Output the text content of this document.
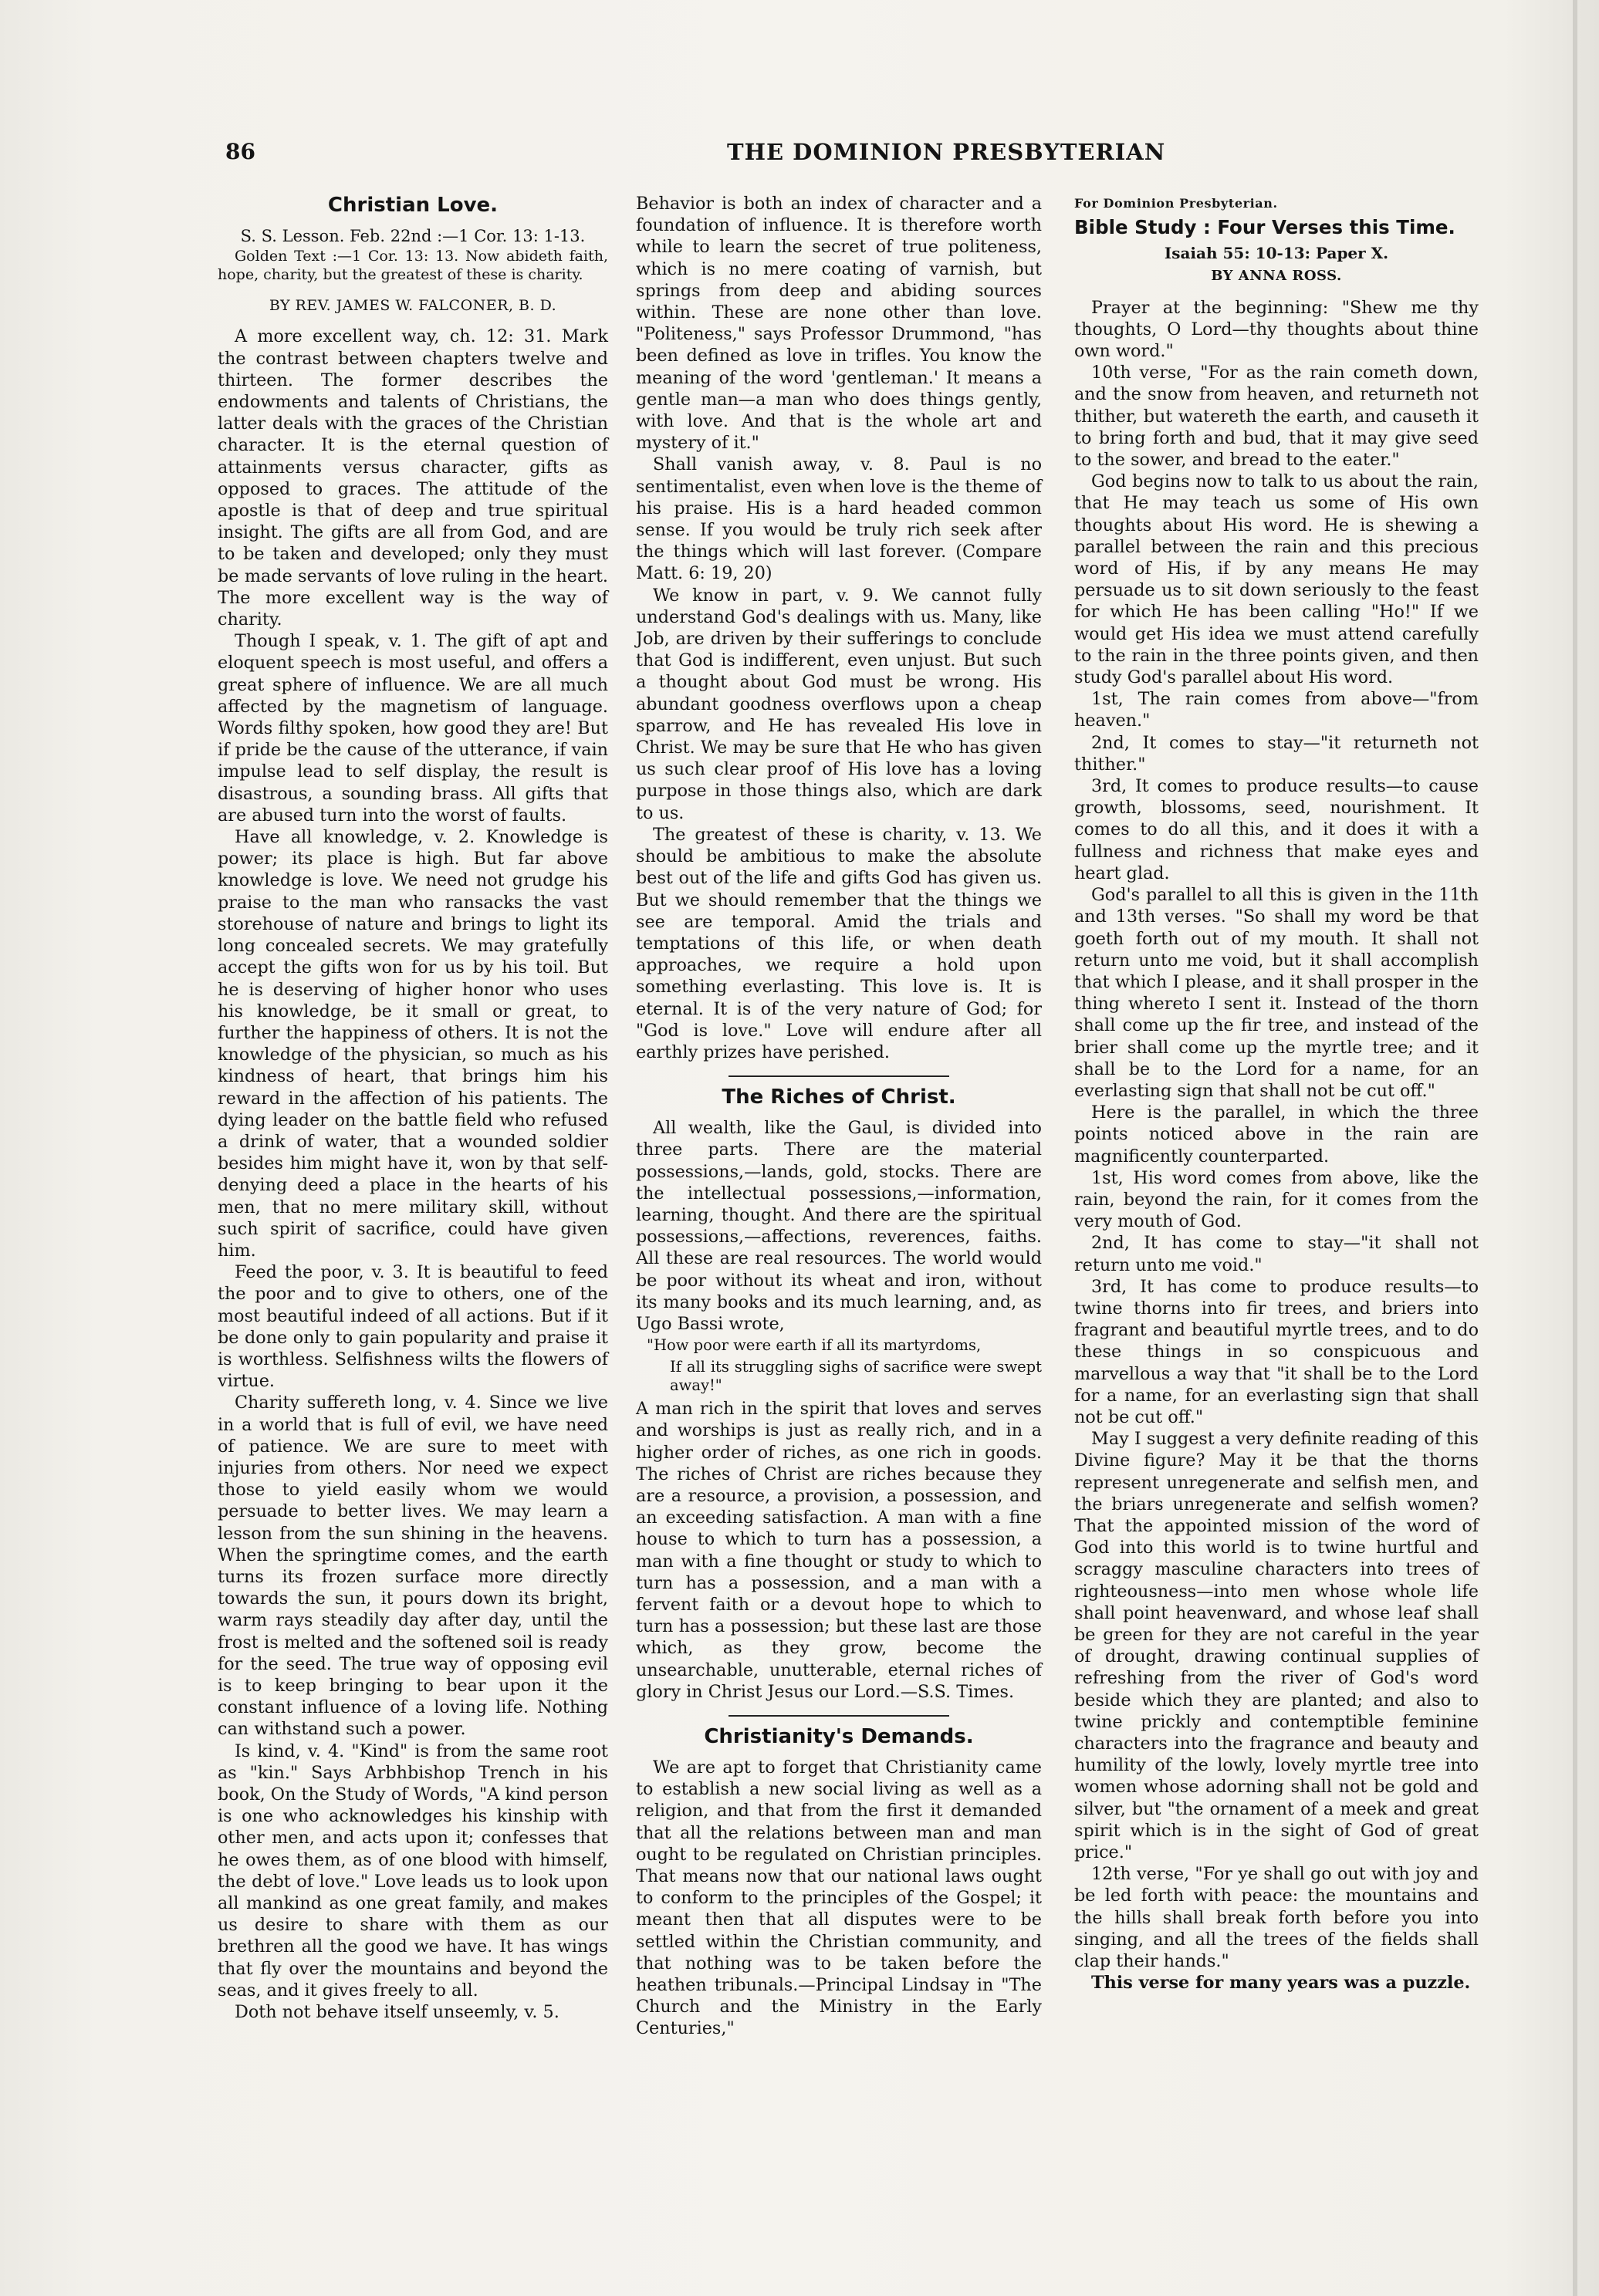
86	THE DOMINION PRESBYTERIAN
Christian Love.

S. S. Lesson. Feb. 22nd :—1 Cor. 13: 1-13.

Golden Text :—1 Cor. 13: 13. Now abideth faith, hope, charity, but the greatest of these is charity.

BY REV. JAMES W. FALCONER, B. D.

A more excellent way, ch. 12: 31. Mark the contrast between chapters twelve and thirteen. The former describes the endowments and talents of Christians, the latter deals with the graces of the Christian character. It is the eternal question of attainments versus character, gifts as opposed to graces. The attitude of the apostle is that of deep and true spiritual insight. The gifts are all from God, and are to be taken and developed; only they must be made servants of love ruling in the heart. The more excellent way is the way of charity.

Though I speak, v. 1. The gift of apt and eloquent speech is most useful, and offers a great sphere of influence. We are all much affected by the magnetism of language. Words filthy spoken, how good they are! But if pride be the cause of the utterance, if vain impulse lead to self display, the result is disastrous, a sounding brass. All gifts that are abused turn into the worst of faults.

Have all knowledge, v. 2. Knowledge is power; its place is high. But far above knowledge is love. We need not grudge his praise to the man who ransacks the vast storehouse of nature and brings to light its long concealed secrets. We may gratefully accept the gifts won for us by his toil. But he is deserving of higher honor who uses his knowledge, be it small or great, to further the happiness of others. It is not the knowledge of the physician, so much as his kindness of heart, that brings him his reward in the affection of his patients. The dying leader on the battle field who refused a drink of water, that a wounded soldier besides him might have it, won by that self-denying deed a place in the hearts of his men, that no mere military skill, without such spirit of sacrifice, could have given him.

Feed the poor, v. 3. It is beautiful to feed the poor and to give to others, one of the most beautiful indeed of all actions. But if it be done only to gain popularity and praise it is worthless. Selfishness wilts the flowers of virtue.

Charity suffereth long, v. 4. Since we live in a world that is full of evil, we have need of patience. We are sure to meet with injuries from others. Nor need we expect those to yield easily whom we would persuade to better lives. We may learn a lesson from the sun shining in the heavens. When the springtime comes, and the earth turns its frozen surface more directly towards the sun, it pours down its bright, warm rays steadily day after day, until the frost is melted and the softened soil is ready for the seed. The true way of opposing evil is to keep bringing to bear upon it the constant influence of a loving life. Nothing can withstand such a power.

Is kind, v. 4. "Kind" is from the same root as "kin." Says Arbhbishop Trench in his book, On the Study of Words, "A kind person is one who acknowledges his kinship with other men, and acts upon it; confesses that he owes them, as of one blood with himself, the debt of love." Love leads us to look upon all mankind as one great family, and makes us desire to share with them as our brethren all the good we have. It has wings that fly over the mountains and beyond the seas, and it gives freely to all.

Doth not behave itself unseemly, v. 5.

Behavior is both an index of character and a foundation of influence. It is therefore worth while to learn the secret of true politeness, which is no mere coating of varnish, but springs from deep and abiding sources within. These are none other than love. "Politeness," says Professor Drummond, "has been defined as love in trifles. You know the meaning of the word 'gentleman.' It means a gentle man—a man who does things gently, with love. And that is the whole art and mystery of it."

Shall vanish away, v. 8. Paul is no sentimentalist, even when love is the theme of his praise. His is a hard headed common sense. If you would be truly rich seek after the things which will last forever. (Compare Matt. 6: 19, 20)

We know in part, v. 9. We cannot fully understand God's dealings with us. Many, like Job, are driven by their sufferings to conclude that God is indifferent, even unjust. But such a thought about God must be wrong. His abundant goodness overflows upon a cheap sparrow, and He has revealed His love in Christ. We may be sure that He who has given us such clear proof of His love has a loving purpose in those things also, which are dark to us.

The greatest of these is charity, v. 13. We should be ambitious to make the absolute best out of the life and gifts God has given us. But we should remember that the things we see are temporal. Amid the trials and temptations of this life, or when death approaches, we require a hold upon something everlasting. This love is. It is eternal. It is of the very nature of God; for "God is love." Love will endure after all earthly prizes have perished.

The Riches of Christ.

All wealth, like the Gaul, is divided into three parts. There are the material possessions,—lands, gold, stocks. There are the intellectual possessions,—information, learning, thought. And there are the spiritual possessions,—affections, reverences, faiths. All these are real resources. The world would be poor without its wheat and iron, without its many books and its much learning, and, as Ugo Bassi wrote,

"How poor were earth if all its martyrdoms,

If all its struggling sighs of sacrifice were swept away!"

A man rich in the spirit that loves and serves and worships is just as really rich, and in a higher order of riches, as one rich in goods. The riches of Christ are riches because they are a resource, a provision, a possession, and an exceeding satisfaction. A man with a fine house to which to turn has a possession, a man with a fine thought or study to which to turn has a possession, and a man with a fervent faith or a devout hope to which to turn has a possession; but these last are those which, as they grow, become the unsearchable, unutterable, eternal riches of glory in Christ Jesus our Lord.—S.S. Times.

Christianity's Demands.

We are apt to forget that Christianity came to establish a new social living as well as a religion, and that from the first it demanded that all the relations between man and man ought to be regulated on Christian principles. That means now that our national laws ought to conform to the principles of the Gospel; it meant then that all disputes were to be settled within the Christian community, and that nothing was to be taken before the heathen tribunals.—Principal Lindsay in "The Church and the Ministry in the Early Centuries,"

For Dominion Presbyterian.

Bible Study : Four Verses this Time.

Isaiah 55: 10-13: Paper X.

BY ANNA ROSS.

Prayer at the beginning: "Shew me thy thoughts, O Lord—thy thoughts about thine own word."

10th verse, "For as the rain cometh down, and the snow from heaven, and returneth not thither, but watereth the earth, and causeth it to bring forth and bud, that it may give seed to the sower, and bread to the eater."

God begins now to talk to us about the rain, that He may teach us some of His own thoughts about His word. He is shewing a parallel between the rain and this precious word of His, if by any means He may persuade us to sit down seriously to the feast for which He has been calling "Ho!" If we would get His idea we must attend carefully to the rain in the three points given, and then study God's parallel about His word.

1st, The rain comes from above—"from heaven."

2nd, It comes to stay—"it returneth not thither."

3rd, It comes to produce results—to cause growth, blossoms, seed, nourishment. It comes to do all this, and it does it with a fullness and richness that make eyes and heart glad.

God's parallel to all this is given in the 11th and 13th verses. "So shall my word be that goeth forth out of my mouth. It shall not return unto me void, but it shall accomplish that which I please, and it shall prosper in the thing whereto I sent it. Instead of the thorn shall come up the fir tree, and instead of the brier shall come up the myrtle tree; and it shall be to the Lord for a name, for an everlasting sign that shall not be cut off."

Here is the parallel, in which the three points noticed above in the rain are magnificently counterparted.

1st, His word comes from above, like the rain, beyond the rain, for it comes from the very mouth of God.

2nd, It has come to stay—"it shall not return unto me void."

3rd, It has come to produce results—to twine thorns into fir trees, and briers into fragrant and beautiful myrtle trees, and to do these things in so conspicuous and marvellous a way that "it shall be to the Lord for a name, for an everlasting sign that shall not be cut off."

May I suggest a very definite reading of this Divine figure? May it be that the thorns represent unregenerate and selfish men, and the briars unregenerate and selfish women? That the appointed mission of the word of God into this world is to twine hurtful and scraggy masculine characters into trees of righteousness—into men whose whole life shall point heavenward, and whose leaf shall be green for they are not careful in the year of drought, drawing continual supplies of refreshing from the river of God's word beside which they are planted; and also to twine prickly and contemptible feminine characters into the fragrance and beauty and humility of the lowly, lovely myrtle tree into women whose adorning shall not be gold and silver, but "the ornament of a meek and great spirit which is in the sight of God of great price."

12th verse, "For ye shall go out with joy and be led forth with peace: the mountains and the hills shall break forth before you into singing, and all the trees of the fields shall clap their hands."

This verse for many years was a puzzle.
